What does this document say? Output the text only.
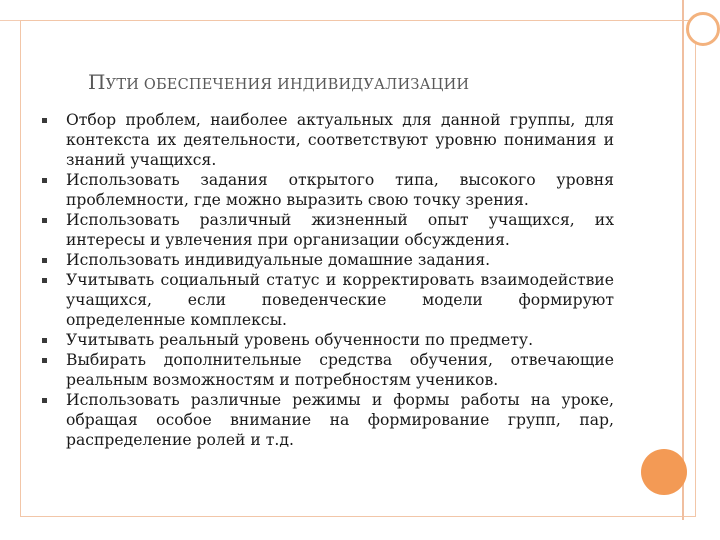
ПУТИ ОБЕСПЕЧЕНИЯ ИНДИВИДУАЛИЗАЦИИ
Отбор проблем, наиболее актуальных для данной группы, для контекста их деятельности, соответствуют уровню понимания и знаний учащихся.
Использовать задания открытого типа, высокого уровня проблемности, где можно выразить свою точку зрения.
Использовать различный жизненный опыт учащихся, их интересы и увлечения при организации обсуждения.
Использовать индивидуальные домашние задания.
Учитывать социальный статус и корректировать взаимодействие учащихся, если поведенческие модели формируют определенные комплексы.
Учитывать реальный уровень обученности по предмету.
Выбирать дополнительные средства обучения, отвечающие реальным возможностям и потребностям учеников.
Использовать различные режимы и формы работы на уроке, обращая особое внимание на формирование групп, пар, распределение ролей и т.д.
